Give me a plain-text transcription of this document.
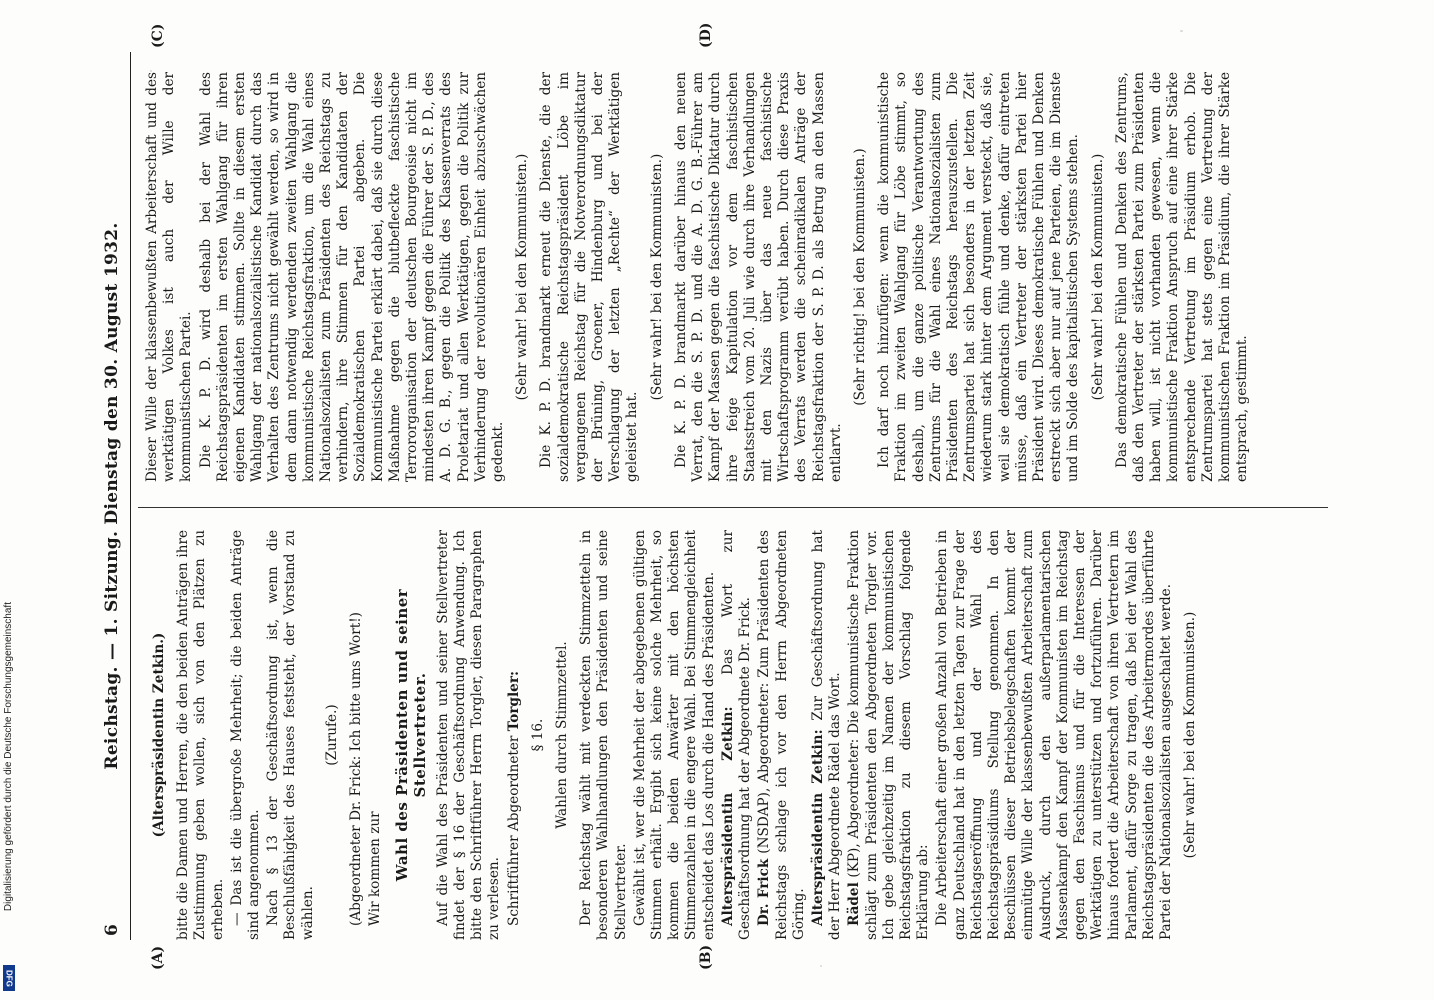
6
Reichstag. — 1. Sitzung. Dienstag den 30. August 1932.
(A)	(B)
(C)	(D)

(Alterspräsidentin Zetkin.) bitte die Damen und Herren, die den beiden Anträgen ihre Zustimmung geben wollen, sich von den Plätzen zu erheben. — Das ist die übergroße Mehrheit; die beiden Anträge sind angenommen. Nach § 13 der Geschäftsordnung ist, wenn die Beschlußfähigkeit des Hauses feststeht, der Vorstand zu wählen.

(Zurufe.) (Abgeordneter Dr. Frick: Ich bitte ums Wort!) Wir kommen zur Wahl des Präsidenten und seiner Stellvertreter. Auf die Wahl des Präsidenten und seiner Stellvertreter findet der § 16 der Geschäftsordnung Anwendung. Ich bitte den Schriftführer Herrn Torgler, diesen Paragraphen zu verlesen. Schriftführer Abgeordneter Torgler:

§ 16. Wahlen durch Stimmzettel. Der Reichstag wählt mit verdeckten Stimmzetteln in besonderen Wahlhandlungen den Präsidenten und seine Stellvertreter. Gewählt ist, wer die Mehrheit der abgegebenen gültigen Stimmen erhält. Ergibt sich keine solche Mehrheit, so kommen die beiden Anwärter mit den höchsten Stimmenzahlen in die engere Wahl. Bei Stimmengleichheit entscheidet das Los durch die Hand des Präsidenten. Alterspräsidentin Zetkin: Das Wort zur Geschäftsordnung hat der Abgeordnete Dr. Frick. Dr. Frick (NSDAP), Abgeordneter: Zum Präsidenten des Reichstags schlage ich vor den Herrn Abgeordneten Göring. Alterspräsidentin Zetkin: Zur Geschäftsordnung hat der Herr Abgeordnete Rädel das Wort. Rädel (KP), Abgeordneter: Die kommunistische Fraktion schlägt zum Präsidenten den Abgeordneten Torgler vor. Ich gebe gleichzeitig im Namen der kommunistischen Reichstagsfraktion zu diesem Vorschlag folgende Erklärung ab: Die Arbeiterschaft einer großen Anzahl von Betrieben in ganz Deutschland hat in den letzten Tagen zur Frage der Reichstagseröffnung und der Wahl des Reichstagspräsidiums Stellung genommen. In den Beschlüssen dieser Betriebsbelegschaften kommt der einmütige Wille der klassenbewußten Arbeiterschaft zum Ausdruck, durch den außerparlamentarischen Massenkampf den Kampf der Kommunisten im Reichstag gegen den Faschismus und für die Interessen der Werktätigen zu unterstützen und fortzuführen. Darüber hinaus fordert die Arbeiterschaft von ihren Vertretern im Parlament, dafür Sorge zu tragen, daß bei der Wahl des Reichstagspräsidenten die des Arbeitermordes überführte Partei der Nationalsozialisten ausgeschaltet werde. (Sehr wahr! bei den Kommunisten.)

Dieser Wille der klassenbewußten Arbeiterschaft und des werktätigen Volkes ist auch der Wille der kommunistischen Partei. Die K. P. D. wird deshalb bei der Wahl des Reichstagspräsidenten im ersten Wahlgang für ihren eigenen Kandidaten stimmen. Sollte in diesem ersten Wahlgang der nationalsozialistische Kandidat durch das Verhalten des Zentrums nicht gewählt werden, so wird in dem dann notwendig werdenden zweiten Wahlgang die kommunistische Reichstagsfraktion, um die Wahl eines Nationalsozialisten zum Präsidenten des Reichstags zu verhindern, ihre Stimmen für den Kandidaten der Sozialdemokratischen Partei abgeben. Die Kommunistische Partei erklärt dabei, daß sie durch diese Maßnahme gegen die blutbefleckte faschistische Terrororganisation der deutschen Bourgeoisie nicht im mindesten ihren Kampf gegen die Führer der S. P. D., des A. D. G. B., gegen die Politik des Klassenverrats des Proletariat und allen Werktätigen, gegen die Politik zur Verhinderung der revolutionären Einheit abzuschwächen gedenkt.

(Sehr wahr! bei den Kommunisten.) Die K. P. D. brandmarkt erneut die Dienste, die der sozialdemokratische Reichstagspräsident Löbe im vergangenen Reichstag für die Notverordnungsdiktatur der Brüning, Groener, Hindenburg und bei der Verschlagung der letzten „Rechte“ der Werktätigen geleistet hat.

(Sehr wahr! bei den Kommunisten.) Die K. P. D. brandmarkt darüber hinaus den neuen Verrat, den die S. P. D. und die A. D. G. B.-Führer am Kampf der Massen gegen die faschistische Diktatur durch ihre feige Kapitulation vor dem faschistischen Staatsstreich vom 20. Juli wie durch ihre Verhandlungen mit den Nazis über das neue faschistische Wirtschaftsprogramm verübt haben. Durch diese Praxis des Verrats werden die scheinradikalen Anträge der Reichstagsfraktion der S. P. D. als Betrug an den Massen entlarvt.

(Sehr richtig! bei den Kommunisten.) Ich darf noch hinzufügen: wenn die kommunistische Fraktion im zweiten Wahlgang für Löbe stimmt, so deshalb, um die ganze politische Verantwortung des Zentrums für die Wahl eines Nationalsozialisten zum Präsidenten des Reichstags herauszustellen. Die Zentrumspartei hat sich besonders in der letzten Zeit wiederum stark hinter dem Argument versteckt, daß sie, weil sie demokratisch fühle und denke, dafür eintreten müsse, daß ein Vertreter der stärksten Partei hier Präsident wird. Dieses demokratische Fühlen und Denken erstreckt sich aber nur auf jene Parteien, die im Dienste und im Solde des kapitalistischen Systems stehen. (Sehr wahr! bei den Kommunisten.) Das demokratische Fühlen und Denken des Zentrums, daß den Vertreter der stärksten Partei zum Präsidenten haben will, ist nicht vorhanden gewesen, wenn die kommunistische Fraktion Anspruch auf eine ihrer Stärke entsprechende Vertretung im Präsidium erhob. Die Zentrumspartei hat stets gegen eine Vertretung der kommunistischen Fraktion im Präsidium, die ihrer Stärke entsprach, gestimmt.

Digitalisierung gefördert durch die Deutsche Forschungsgemeinschaft
DFG
